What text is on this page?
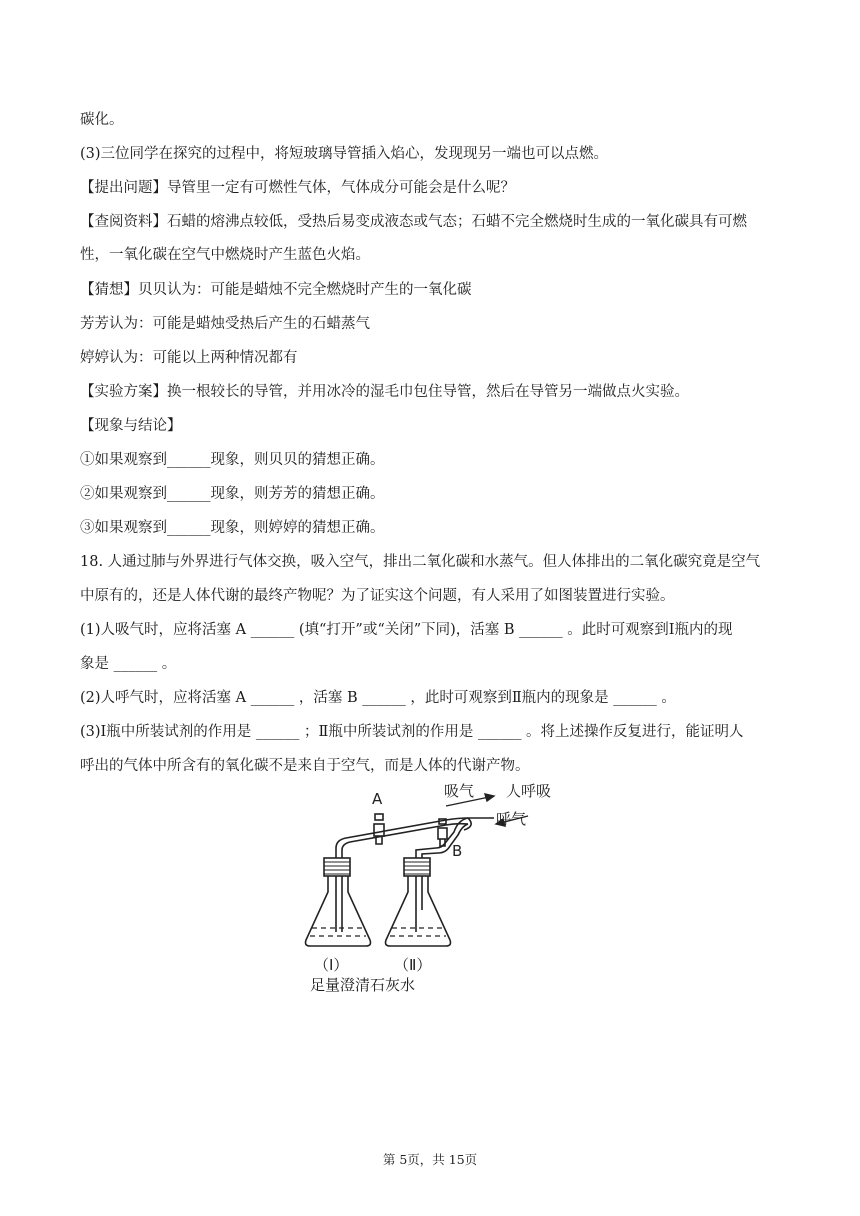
碳化。
(3)三位同学在探究的过程中，将短玻璃导管插入焰心，发现现另一端也可以点燃。
【提出问题】导管里一定有可燃性气体，气体成分可能会是什么呢？
【查阅资料】石蜡的熔沸点较低，受热后易变成液态或气态；石蜡不完全燃烧时生成的一氧化碳具有可燃
性，一氧化碳在空气中燃烧时产生蓝色火焰。
【猜想】贝贝认为：可能是蜡烛不完全燃烧时产生的一氧化碳
芳芳认为：可能是蜡烛受热后产生的石蜡蒸气
婷婷认为：可能以上两种情况都有
【实验方案】换一根较长的导管，并用冰冷的湿毛巾包住导管，然后在导管另一端做点火实验。
【现象与结论】
①如果观察到______现象，则贝贝的猜想正确。
②如果观察到______现象，则芳芳的猜想正确。
③如果观察到______现象，则婷婷的猜想正确。
18. 人通过肺与外界进行气体交换，吸入空气，排出二氧化碳和水蒸气。但人体排出的二氧化碳究竟是空气
中原有的，还是人体代谢的最终产物呢？为了证实这个问题，有人采用了如图装置进行实验。
(1)人吸气时，应将活塞 A ______ (填“打开”或“关闭”下同)，活塞 B ______ 。此时可观察到Ⅰ瓶内的现
象是 ______ 。
(2)人呼气时，应将活塞 A ______ ，活塞 B ______ ，此时可观察到Ⅱ瓶内的现象是 ______ 。
(3)Ⅰ瓶中所装试剂的作用是 ______ ；Ⅱ瓶中所装试剂的作用是 ______ 。将上述操作反复进行，能证明人
呼出的气体中所含有的氧化碳不是来自于空气，而是人体的代谢产物。
A
B
吸气 人呼吸
呼气
（Ⅰ）	（Ⅱ）
足量澄清石灰水
第 5页，共 15页
